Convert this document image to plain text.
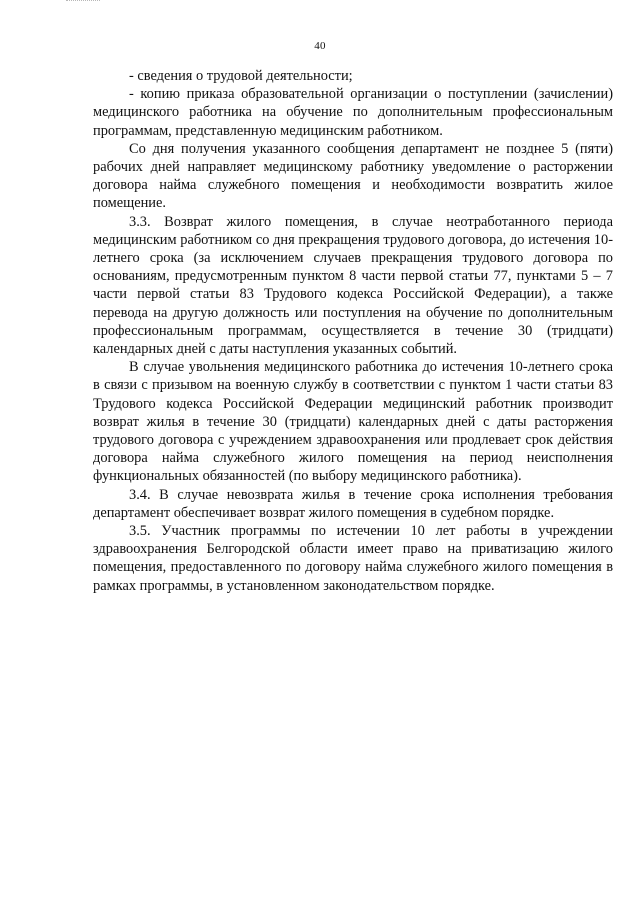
40

- сведения о трудовой деятельности;

- копию приказа образовательной организации о поступлении (зачислении) медицинского работника на обучение по дополнительным профессиональным программам, представленную медицинским работником.

Со дня получения указанного сообщения департамент не позднее 5 (пяти) рабочих дней направляет медицинскому работнику уведомление о расторжении договора найма служебного помещения и необходимости возвратить жилое помещение.

3.3. Возврат жилого помещения, в случае неотработанного периода медицинским работником со дня прекращения трудового договора, до истечения 10-летнего срока (за исключением случаев прекращения трудового договора по основаниям, предусмотренным пунктом 8 части первой статьи 77, пунктами 5 – 7 части первой статьи 83 Трудового кодекса Российской Федерации), а также перевода на другую должность или поступления на обучение по дополнительным профессиональным программам, осуществляется в течение 30 (тридцати) календарных дней с даты наступления указанных событий.

В случае увольнения медицинского работника до истечения 10-летнего срока в связи с призывом на военную службу в соответствии с пунктом 1 части статьи 83 Трудового кодекса Российской Федерации медицинский работник производит возврат жилья в течение 30 (тридцати) календарных дней с даты расторжения трудового договора с учреждением здравоохранения или продлевает срок действия договора найма служебного жилого помещения на период неисполнения функциональных обязанностей (по выбору медицинского работника).

3.4. В случае невозврата жилья в течение срока исполнения требования департамент обеспечивает возврат жилого помещения в судебном порядке.

3.5. Участник программы по истечении 10 лет работы в учреждении здравоохранения Белгородской области имеет право на приватизацию жилого помещения, предоставленного по договору найма служебного жилого помещения в рамках программы, в установленном законодательством порядке.
